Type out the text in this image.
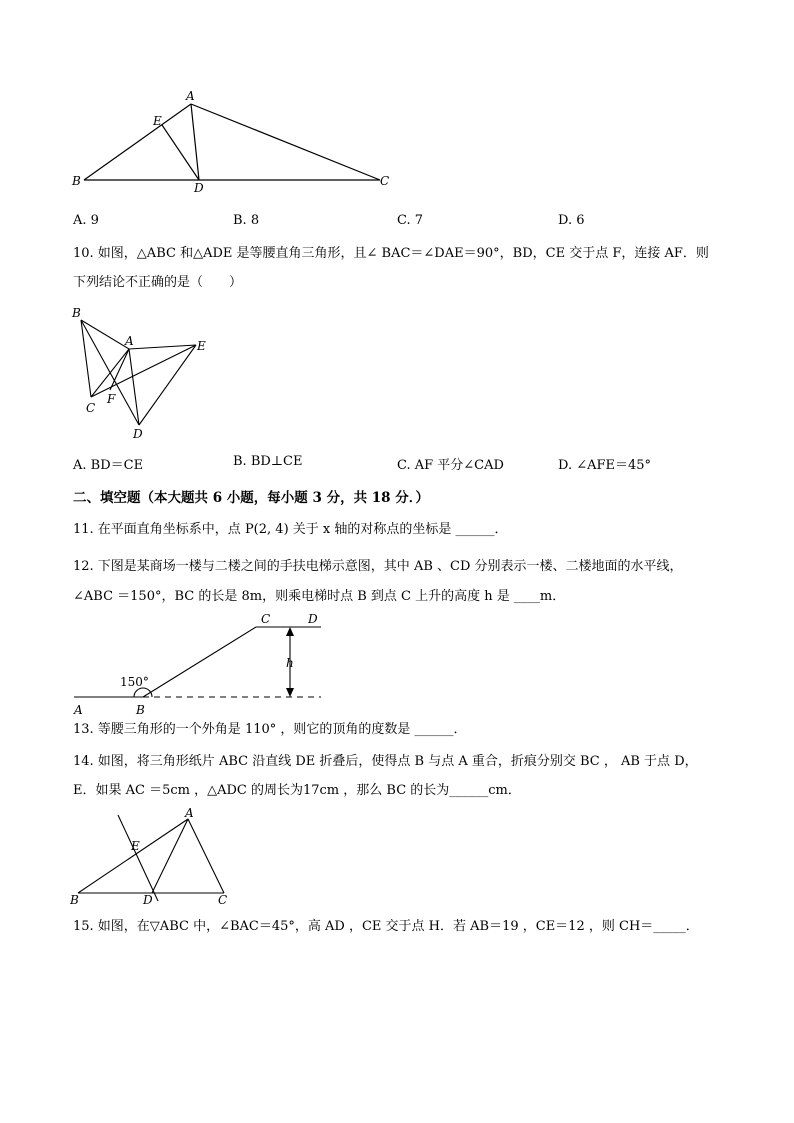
A
E
B	D	C
A. 9	B. 8	C. 7	D. 6
10. 如图，△ABC 和△ADE 是等腰直角三角形，且∠ BAC＝∠DAE＝90°，BD，CE 交于点 F，连接 AF．则
下列结论不正确的是（　　）
B
A	E
C
F
D
A. BD＝CE	B. BD⊥CE	C. AF 平分∠CAD	D. ∠AFE＝45°
二、填空题（本大题共 6 小题，每小题 3 分，共 18 分．）
11. 在平面直角坐标系中，点 P(2, 4) 关于 x 轴的对称点的坐标是 ______．
12. 下图是某商场一楼与二楼之间的手扶电梯示意图，其中 AB 、CD 分别表示一楼、二楼地面的水平线，
∠ABC ＝150°，BC 的长是 8m，则乘电梯时点 B 到点 C 上升的高度 h 是 ____m．
C	D
h
150°
A	B
13. 等腰三角形的一个外角是 110° ，则它的顶角的度数是 ______．
14. 如图，将三角形纸片 ABC 沿直线 DE 折叠后，使得点 B 与点 A 重合，折痕分别交 BC ， AB 于点 D，
E．如果 AC ＝5cm ，△ADC 的周长为17cm ，那么 BC 的长为______cm．
A
E
B	D	C
15. 如图，在▽ABC 中，∠BAC＝45°，高 AD ，CE 交于点 H．若 AB＝19 ，CE＝12 ，则 CH＝_____．
